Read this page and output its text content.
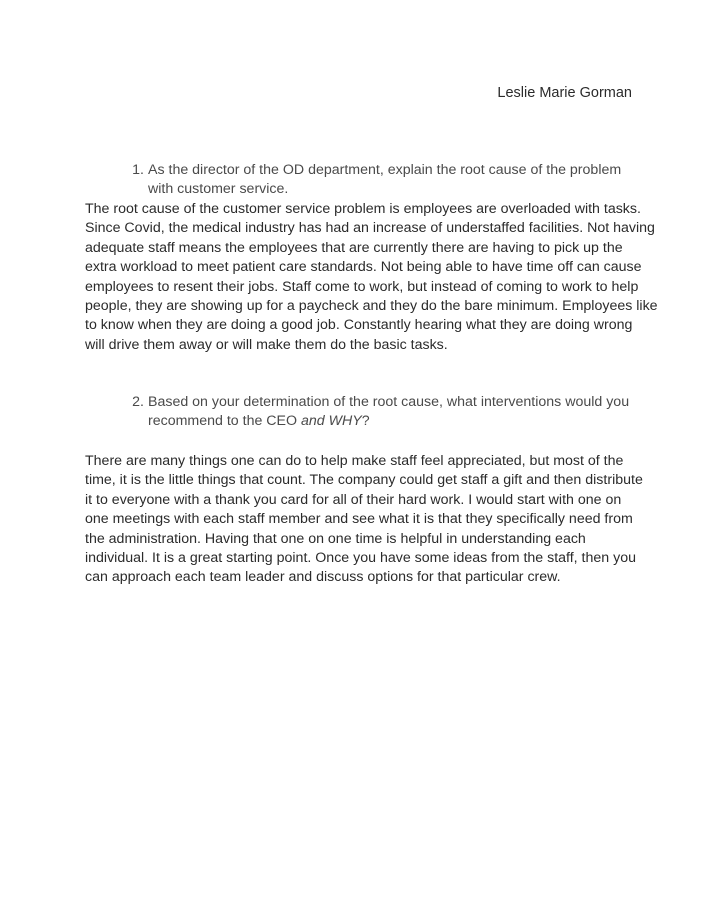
Leslie Marie Gorman
1. As the director of the OD department, explain the root cause of the problem
with customer service.
The root cause of the customer service problem is employees are overloaded with tasks.
Since Covid, the medical industry has had an increase of understaffed facilities. Not having
adequate staff means the employees that are currently there are having to pick up the
extra workload to meet patient care standards. Not being able to have time off can cause
employees to resent their jobs. Staff come to work, but instead of coming to work to help
people, they are showing up for a paycheck and they do the bare minimum. Employees like
to know when they are doing a good job. Constantly hearing what they are doing wrong
will drive them away or will make them do the basic tasks.
2. Based on your determination of the root cause, what interventions would you
recommend to the CEO and WHY?
There are many things one can do to help make staff feel appreciated, but most of the
time, it is the little things that count. The company could get staff a gift and then distribute
it to everyone with a thank you card for all of their hard work. I would start with one on
one meetings with each staff member and see what it is that they specifically need from
the administration. Having that one on one time is helpful in understanding each
individual. It is a great starting point. Once you have some ideas from the staff, then you
can approach each team leader and discuss options for that particular crew.
